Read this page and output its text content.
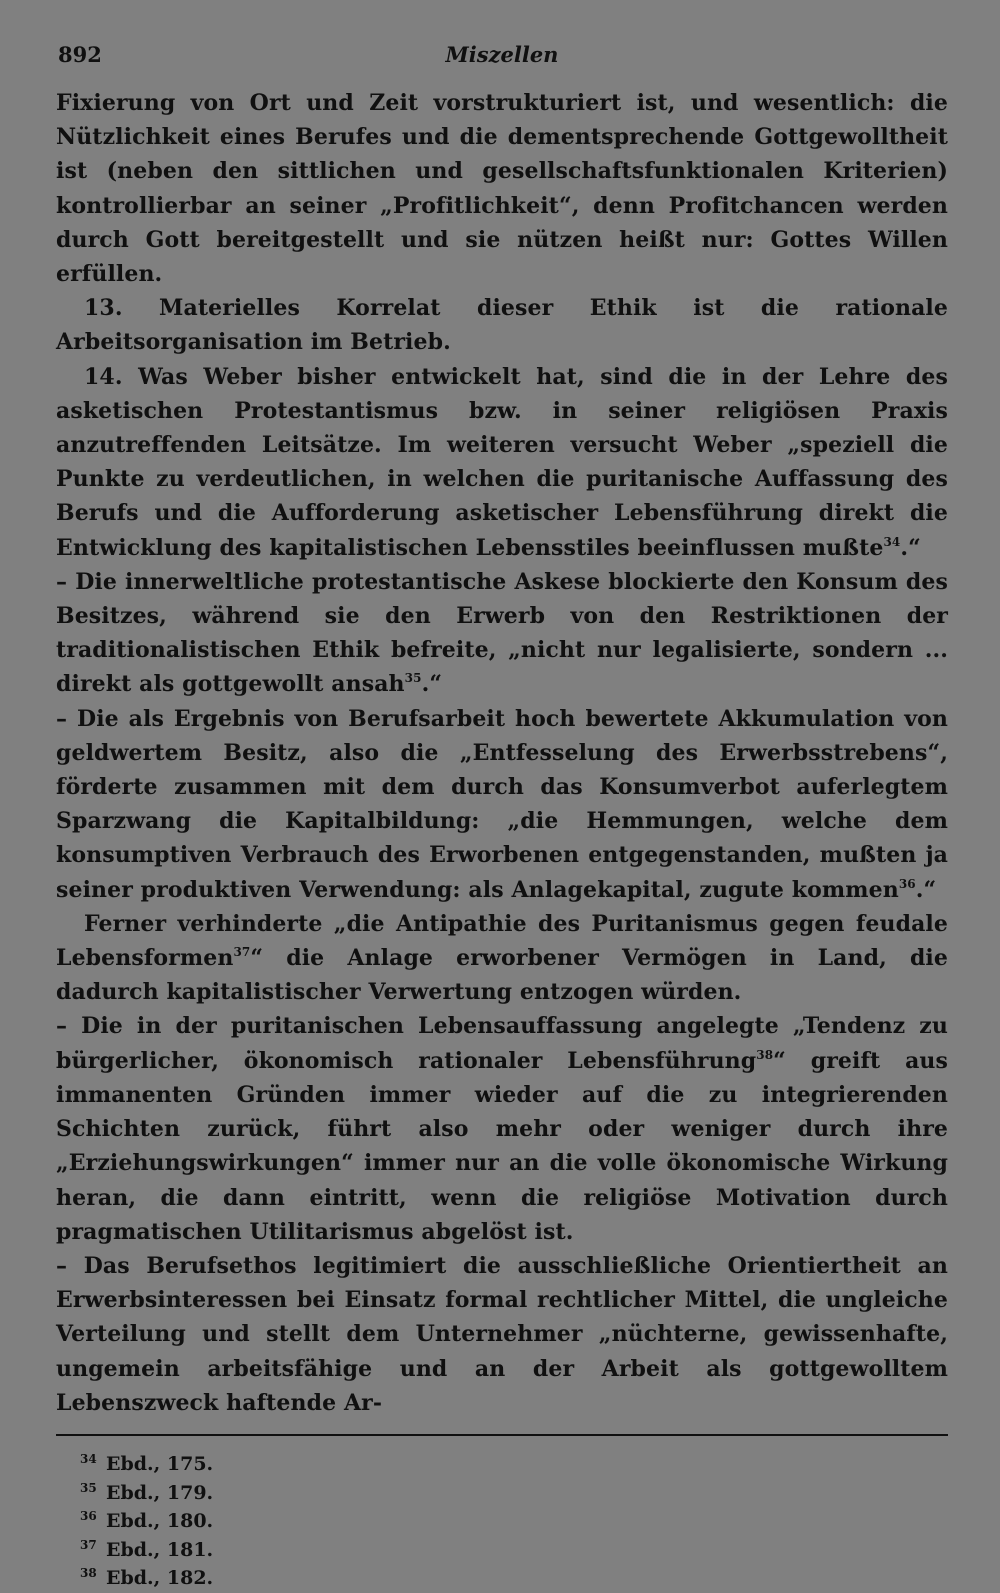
892	Miszellen

Fixierung von Ort und Zeit vorstrukturiert ist, und wesentlich: die Nützlichkeit eines Berufes und die dementsprechende Gottgewolltheit ist (neben den sittlichen und gesellschaftsfunktionalen Kriterien) kontrollierbar an seiner „Profitlichkeit“, denn Profitchancen werden durch Gott bereitgestellt und sie nützen heißt nur: Gottes Willen erfüllen.

13. Materielles Korrelat dieser Ethik ist die rationale Arbeitsorganisation im Betrieb.

14. Was Weber bisher entwickelt hat, sind die in der Lehre des asketischen Protestantismus bzw. in seiner religiösen Praxis anzutreffenden Leitsätze. Im weiteren versucht Weber „speziell die Punkte zu verdeutlichen, in welchen die puritanische Auffassung des Berufs und die Aufforderung asketischer Lebensführung direkt die Entwicklung des kapitalistischen Lebensstiles beeinflussen mußte$^{34}$.“

– Die innerweltliche protestantische Askese blockierte den Konsum des Besitzes, während sie den Erwerb von den Restriktionen der traditionalistischen Ethik befreite, „nicht nur legalisierte, sondern ... direkt als gottgewollt ansah$^{35}$.“

– Die als Ergebnis von Berufsarbeit hoch bewertete Akkumulation von geldwertem Besitz, also die „Entfesselung des Erwerbsstrebens“, förderte zusammen mit dem durch das Konsumverbot auferlegtem Sparzwang die Kapitalbildung: „die Hemmungen, welche dem konsumptiven Verbrauch des Erworbenen entgegenstanden, mußten ja seiner produktiven Verwendung: als Anlagekapital, zugute kommen$^{36}$.“

Ferner verhinderte „die Antipathie des Puritanismus gegen feudale Lebensformen$^{37}$“ die Anlage erworbener Vermögen in Land, die dadurch kapitalistischer Verwertung entzogen würden.

– Die in der puritanischen Lebensauffassung angelegte „Tendenz zu bürgerlicher, ökonomisch rationaler Lebensführung$^{38}$“ greift aus immanenten Gründen immer wieder auf die zu integrierenden Schichten zurück, führt also mehr oder weniger durch ihre „Erziehungswirkungen“ immer nur an die volle ökonomische Wirkung heran, die dann eintritt, wenn die religiöse Motivation durch pragmatischen Utilitarismus abgelöst ist.

– Das Berufsethos legitimiert die ausschließliche Orientiertheit an Erwerbsinteressen bei Einsatz formal rechtlicher Mittel, die ungleiche Verteilung und stellt dem Unternehmer „nüchterne, gewissenhafte, ungemein arbeitsfähige und an der Arbeit als gottgewolltem Lebenszweck haftende Ar-

34 Ebd., 175.
35 Ebd., 179.
36 Ebd., 180.
37 Ebd., 181.
38 Ebd., 182.
